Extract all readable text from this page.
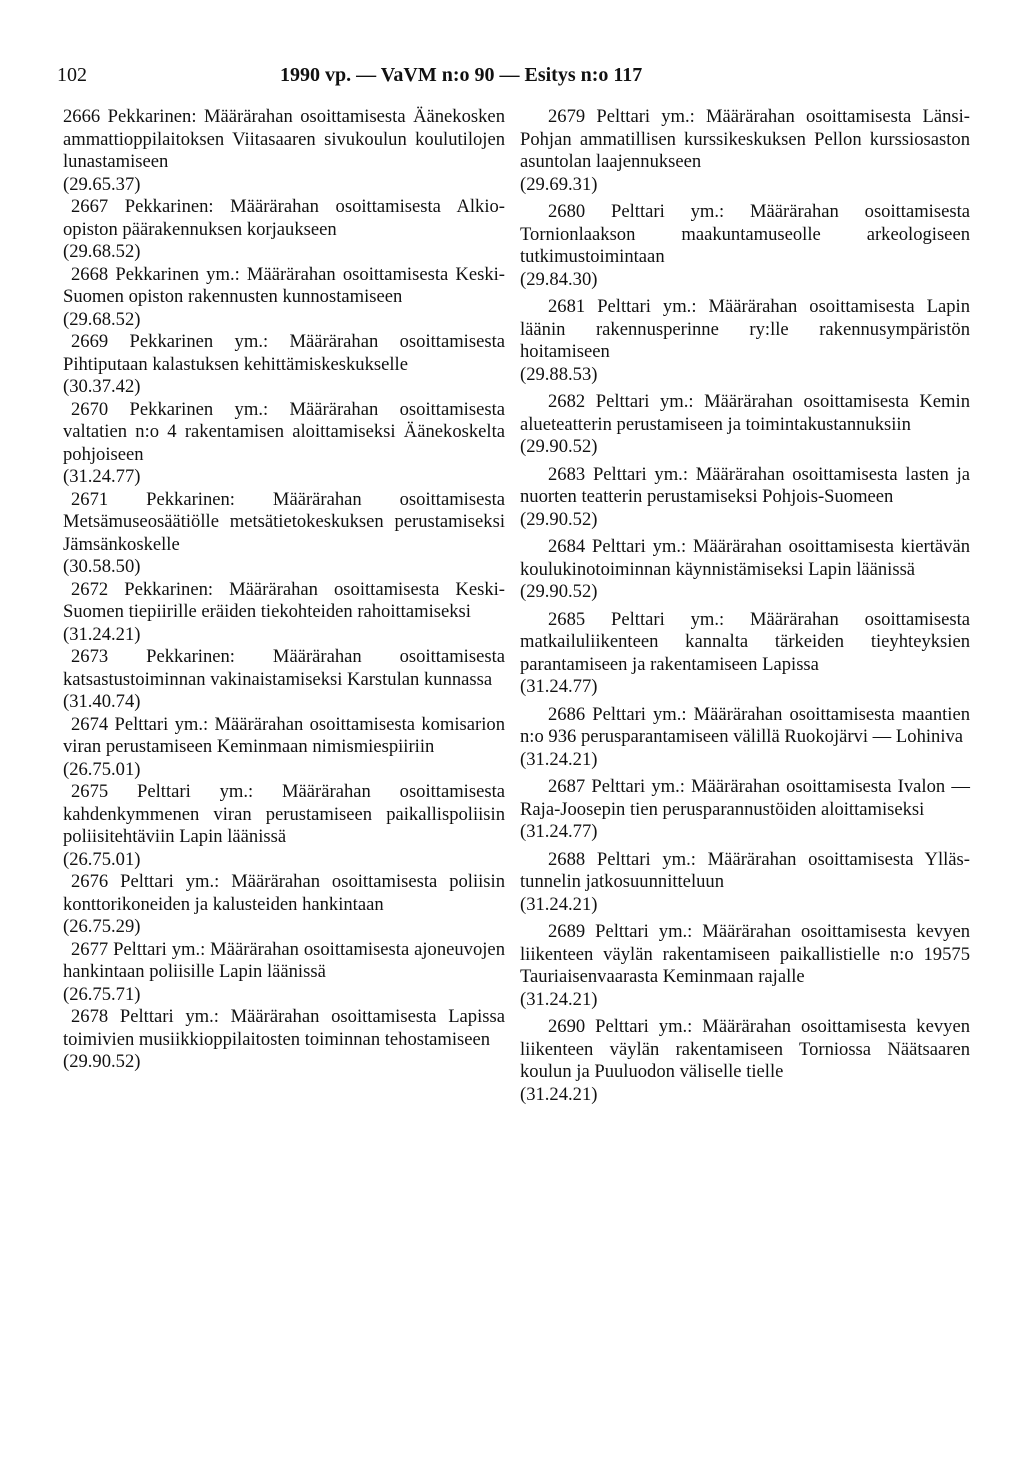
102	1990 vp. — VaVM n:o 90 — Esitys n:o 117
2666 Pekkarinen: Määrärahan osoittamisesta Äänekosken ammattioppilaitoksen Viitasaaren sivukoulun koulutilojen lunastamiseen
(29.65.37)
2667 Pekkarinen: Määrärahan osoittamisesta Alkio-opiston päärakennuksen korjaukseen
(29.68.52)
2668 Pekkarinen ym.: Määrärahan osoittamisesta Keski-Suomen opiston rakennusten kunnostamiseen
(29.68.52)
2669 Pekkarinen ym.: Määrärahan osoittamisesta Pihtiputaan kalastuksen kehittämiskeskukselle
(30.37.42)
2670 Pekkarinen ym.: Määrärahan osoittamisesta valtatien n:o 4 rakentamisen aloittamiseksi Äänekoskelta pohjoiseen
(31.24.77)
2671 Pekkarinen: Määrärahan osoittamisesta Metsämuseosäätiölle metsätietokeskuksen perustamiseksi Jämsänkoskelle
(30.58.50)
2672 Pekkarinen: Määrärahan osoittamisesta Keski-Suomen tiepiirille eräiden tiekohteiden rahoittamiseksi
(31.24.21)
2673 Pekkarinen: Määrärahan osoittamisesta katsastustoiminnan vakinaistamiseksi Karstulan kunnassa
(31.40.74)
2674 Pelttari ym.: Määrärahan osoittamisesta komisarion viran perustamiseen Keminmaan nimismiespiiriin
(26.75.01)
2675 Pelttari ym.: Määrärahan osoittamisesta kahdenkymmenen viran perustamiseen paikallispoliisin poliisitehtäviin Lapin läänissä
(26.75.01)
2676 Pelttari ym.: Määrärahan osoittamisesta poliisin konttorikoneiden ja kalusteiden hankintaan
(26.75.29)
2677 Pelttari ym.: Määrärahan osoittamisesta ajoneuvojen hankintaan poliisille Lapin läänissä
(26.75.71)
2678 Pelttari ym.: Määrärahan osoittamisesta Lapissa toimivien musiikkioppilaitosten toiminnan tehostamiseen
(29.90.52)
2679 Pelttari ym.: Määrärahan osoittamisesta Länsi-Pohjan ammatillisen kurssikeskuksen Pellon kurssiosaston asuntolan laajennukseen
(29.69.31)
2680 Pelttari ym.: Määrärahan osoittamisesta Tornionlaakson maakuntamuseolle arkeologiseen tutkimustoimintaan
(29.84.30)
2681 Pelttari ym.: Määrärahan osoittamisesta Lapin läänin rakennusperinne ry:lle rakennusympäristön hoitamiseen
(29.88.53)
2682 Pelttari ym.: Määrärahan osoittamisesta Kemin alueteatterin perustamiseen ja toimintakustannuksiin
(29.90.52)
2683 Pelttari ym.: Määrärahan osoittamisesta lasten ja nuorten teatterin perustamiseksi Pohjois-Suomeen
(29.90.52)
2684 Pelttari ym.: Määrärahan osoittamisesta kiertävän koulukinotoiminnan käynnistämiseksi Lapin läänissä
(29.90.52)
2685 Pelttari ym.: Määrärahan osoittamisesta matkailuliikenteen kannalta tärkeiden tieyhteyksien parantamiseen ja rakentamiseen Lapissa
(31.24.77)
2686 Pelttari ym.: Määrärahan osoittamisesta maantien n:o 936 perusparantamiseen välillä Ruokojärvi — Lohiniva
(31.24.21)
2687 Pelttari ym.: Määrärahan osoittamisesta Ivalon — Raja-Joosepin tien perusparannustöiden aloittamiseksi
(31.24.77)
2688 Pelttari ym.: Määrärahan osoittamisesta Ylläs-tunnelin jatkosuunnitteluun
(31.24.21)
2689 Pelttari ym.: Määrärahan osoittamisesta kevyen liikenteen väylän rakentamiseen paikallistielle n:o 19575 Tauriaisenvaarasta Keminmaan rajalle
(31.24.21)
2690 Pelttari ym.: Määrärahan osoittamisesta kevyen liikenteen väylän rakentamiseen Torniossa Näätsaaren koulun ja Puuluodon väliselle tielle
(31.24.21)
